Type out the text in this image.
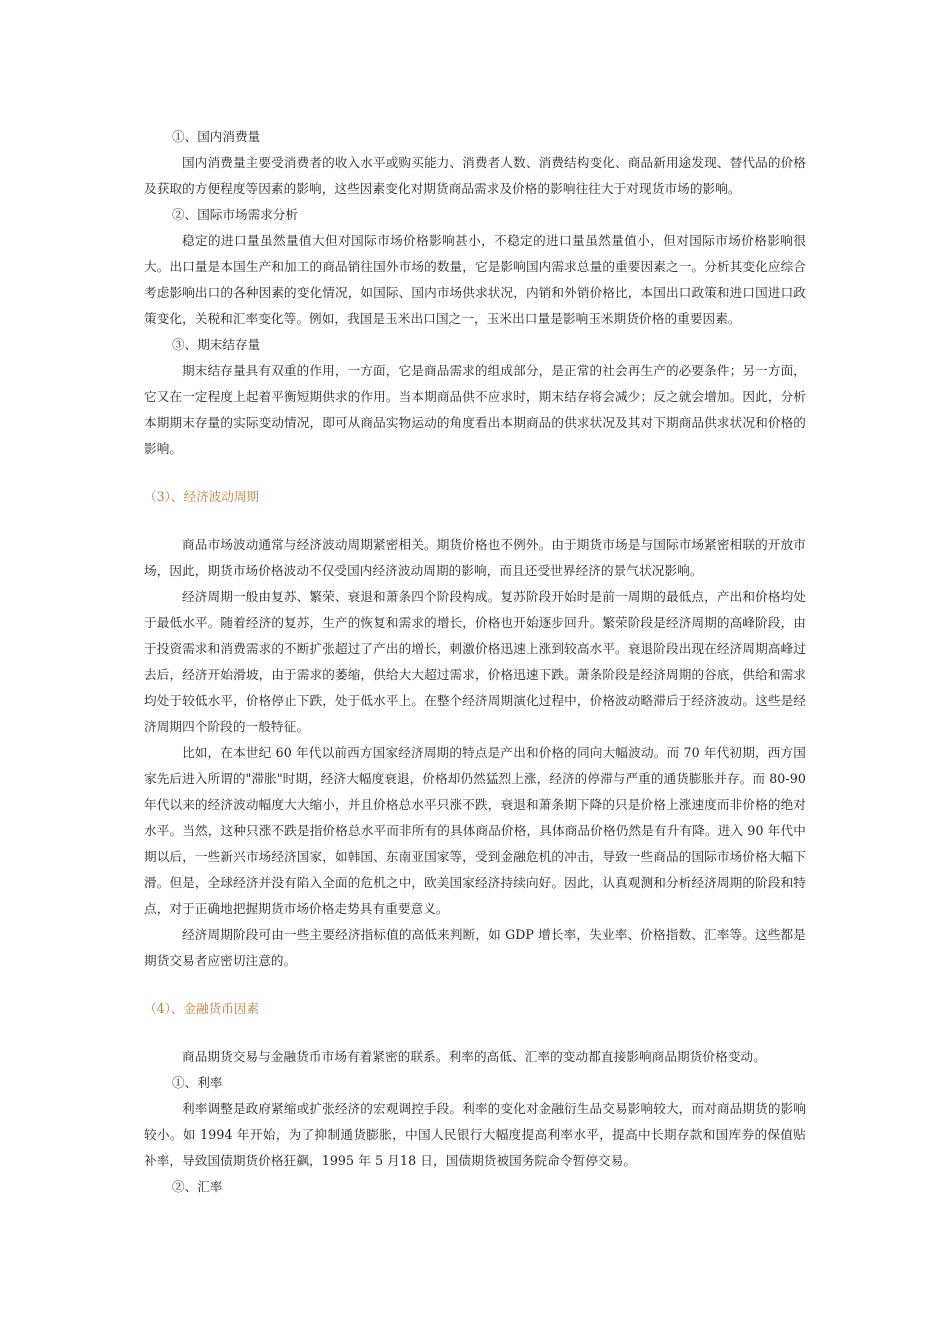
①、国内消费量

国内消费量主要受消费者的收入水平或购买能力、消费者人数、消费结构变化、商品新用途发现、替代品的价格及获取的方便程度等因素的影响，这些因素变化对期货商品需求及价格的影响往往大于对现货市场的影响。

②、国际市场需求分析

稳定的进口量虽然量值大但对国际市场价格影响甚小，不稳定的进口量虽然量值小，但对国际市场价格影响很大。出口量是本国生产和加工的商品销往国外市场的数量，它是影响国内需求总量的重要因素之一。分析其变化应综合考虑影响出口的各种因素的变化情况，如国际、国内市场供求状况，内销和外销价格比，本国出口政策和进口国进口政策变化，关税和汇率变化等。例如，我国是玉米出口国之一，玉米出口量是影响玉米期货价格的重要因素。

③、期末结存量

期末结存量具有双重的作用，一方面，它是商品需求的组成部分，是正常的社会再生产的必要条件；另一方面，它又在一定程度上起着平衡短期供求的作用。当本期商品供不应求时，期末结存将会减少；反之就会增加。因此，分析本期期末存量的实际变动情况，即可从商品实物运动的角度看出本期商品的供求状况及其对下期商品供求状况和价格的影响。

（3）、经济波动周期

商品市场波动通常与经济波动周期紧密相关。期货价格也不例外。由于期货市场是与国际市场紧密相联的开放市场，因此，期货市场价格波动不仅受国内经济波动周期的影响，而且还受世界经济的景气状况影响。

经济周期一般由复苏、繁荣、衰退和萧条四个阶段构成。复苏阶段开始时是前一周期的最低点，产出和价格均处于最低水平。随着经济的复苏，生产的恢复和需求的增长，价格也开始逐步回升。繁荣阶段是经济周期的高峰阶段，由于投资需求和消费需求的不断扩张超过了产出的增长，刺激价格迅速上涨到较高水平。衰退阶段出现在经济周期高峰过去后，经济开始滑坡，由于需求的萎缩，供给大大超过需求，价格迅速下跌。萧条阶段是经济周期的谷底，供给和需求均处于较低水平，价格停止下跌，处于低水平上。在整个经济周期演化过程中，价格波动略滞后于经济波动。这些是经济周期四个阶段的一般特征。

比如，在本世纪 60 年代以前西方国家经济周期的特点是产出和价格的同向大幅波动。而 70 年代初期，西方国家先后进入所谓的"滞胀"时期，经济大幅度衰退，价格却仍然猛烈上涨，经济的停滞与严重的通货膨胀并存。而 80-90 年代以来的经济波动幅度大大缩小，并且价格总水平只涨不跌，衰退和萧条期下降的只是价格上涨速度而非价格的绝对水平。当然，这种只涨不跌是指价格总水平而非所有的具体商品价格，具体商品价格仍然是有升有降。进入 90 年代中期以后，一些新兴市场经济国家，如韩国、东南亚国家等，受到金融危机的冲击，导致一些商品的国际市场价格大幅下滑。但是，全球经济并没有陷入全面的危机之中，欧美国家经济持续向好。因此，认真观测和分析经济周期的阶段和特点，对于正确地把握期货市场价格走势具有重要意义。

经济周期阶段可由一些主要经济指标值的高低来判断，如 GDP 增长率，失业率、价格指数、汇率等。这些都是期货交易者应密切注意的。

（4）、金融货币因素

商品期货交易与金融货币市场有着紧密的联系。利率的高低、汇率的变动都直接影响商品期货价格变动。

①、利率

利率调整是政府紧缩或扩张经济的宏观调控手段。利率的变化对金融衍生品交易影响较大，而对商品期货的影响较小。如 1994 年开始，为了抑制通货膨胀，中国人民银行大幅度提高利率水平，提高中长期存款和国库券的保值贴补率，导致国债期货价格狂飙，1995 年 5 月18 日，国债期货被国务院命令暂停交易。

②、汇率
